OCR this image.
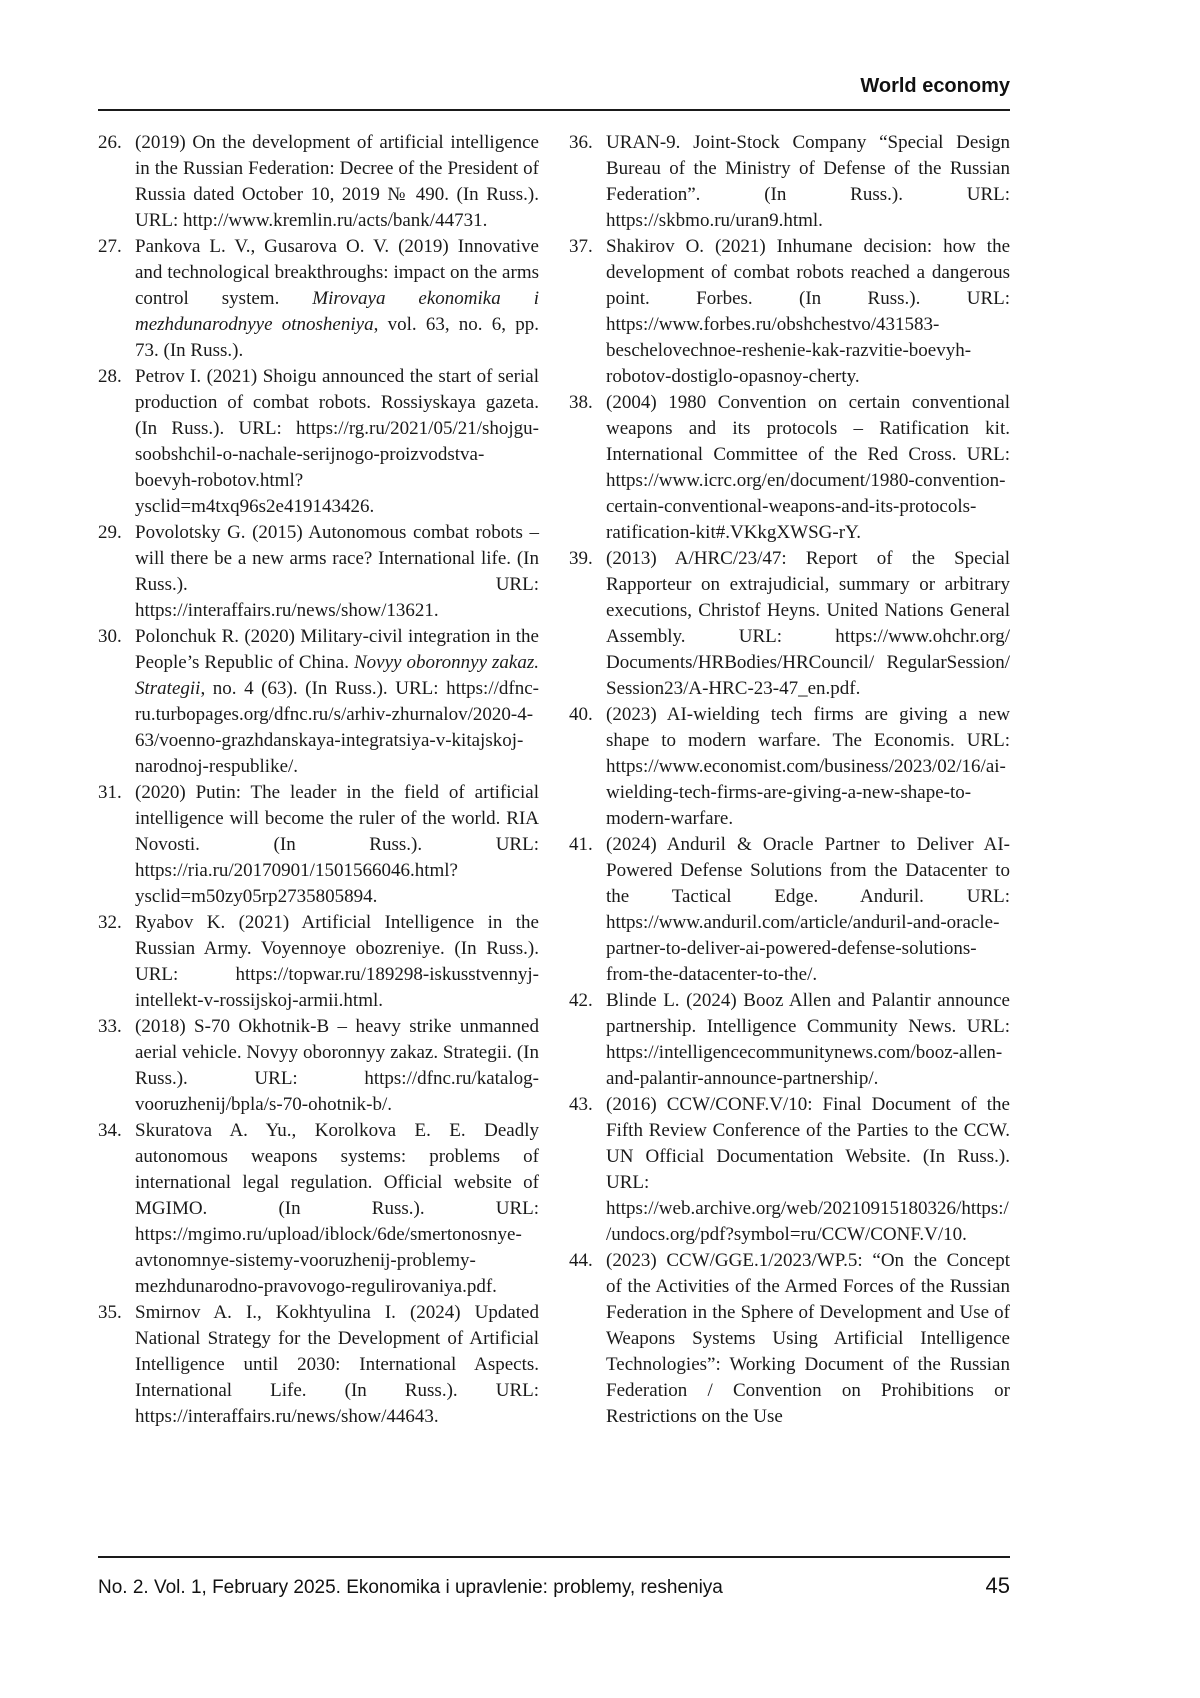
World economy
26. (2019) On the development of artificial intelligence in the Russian Federation: Decree of the President of Russia dated October 10, 2019 № 490. (In Russ.). URL: http://www.kremlin.ru/acts/bank/44731.
27. Pankova L. V., Gusarova O. V. (2019) Innovative and technological breakthroughs: impact on the arms control system. Mirovaya ekonomika i mezhdunarodnyye otnosheniya, vol. 63, no. 6, pp. 73. (In Russ.).
28. Petrov I. (2021) Shoigu announced the start of serial production of combat robots. Rossiyskaya gazeta. (In Russ.). URL: https://rg.ru/2021/05/21/shojgu-soobshchil-o-nachale-serijnogo-proizvodstva-boevyh-robotov.html?ysclid=m4txq96s2e419143426.
29. Povolotsky G. (2015) Autonomous combat robots – will there be a new arms race? International life. (In Russ.). URL: https://interaffairs.ru/news/show/13621.
30. Polonchuk R. (2020) Military-civil integration in the People’s Republic of China. Novyy oboronnyy zakaz. Strategii, no. 4 (63). (In Russ.). URL: https://dfnc-ru.turbopages.org/dfnc.ru/s/arhiv-zhurnalov/2020-4-63/voenno-grazhdanskaya-integratsiya-v-kitajskoj-narodnoj-respublike/.
31. (2020) Putin: The leader in the field of artificial intelligence will become the ruler of the world. RIA Novosti. (In Russ.). URL: https://ria.ru/20170901/1501566046.html?ysclid=m50zy05rp2735805894.
32. Ryabov K. (2021) Artificial Intelligence in the Russian Army. Voyennoye obozreniye. (In Russ.). URL: https://topwar.ru/189298-iskusstvennyj-intellekt-v-rossijskoj-armii.html.
33. (2018) S-70 Okhotnik-B – heavy strike unmanned aerial vehicle. Novyy oboronnyy zakaz. Strategii. (In Russ.). URL: https://dfnc.ru/katalog-vooruzhenij/bpla/s-70-ohotnik-b/.
34. Skuratova A. Yu., Korolkova E. E. Deadly autonomous weapons systems: problems of international legal regulation. Official website of MGIMO. (In Russ.). URL: https://mgimo.ru/upload/iblock/6de/smertonosnye-avtonomnye-sistemy-vooruzhenij-problemy-mezhdunarodno-pravovogo-regulirovaniya.pdf.
35. Smirnov A. I., Kokhtyulina I. (2024) Updated National Strategy for the Development of Artificial Intelligence until 2030: International Aspects. International Life. (In Russ.). URL: https://interaffairs.ru/news/show/44643.
36. URAN-9. Joint-Stock Company “Special Design Bureau of the Ministry of Defense of the Russian Federation”. (In Russ.). URL: https://skbmo.ru/uran9.html.
37. Shakirov O. (2021) Inhumane decision: how the development of combat robots reached a dangerous point. Forbes. (In Russ.). URL: https://www.forbes.ru/obshchestvo/431583-beschelovechnoe-reshenie-kak-razvitie-boevyh-robotov-dostiglo-opasnoy-cherty.
38. (2004) 1980 Convention on certain conventional weapons and its protocols – Ratification kit. International Committee of the Red Cross. URL: https://www.icrc.org/en/document/1980-convention-certain-conventional-weapons-and-its-protocols-ratification-kit#.VKkgXWSG-rY.
39. (2013) A/HRC/23/47: Report of the Special Rapporteur on extrajudicial, summary or arbitrary executions, Christof Heyns. United Nations General Assembly. URL: https://www.ohchr.org/ Documents/HRBodies/HRCouncil/ RegularSession/ Session23/A-HRC-23-47_en.pdf.
40. (2023) AI-wielding tech firms are giving a new shape to modern warfare. The Economis. URL: https://www.economist.com/business/2023/02/16/ai-wielding-tech-firms-are-giving-a-new-shape-to-modern-warfare.
41. (2024) Anduril & Oracle Partner to Deliver AI-Powered Defense Solutions from the Datacenter to the Tactical Edge. Anduril. URL: https://www.anduril.com/article/anduril-and-oracle-partner-to-deliver-ai-powered-defense-solutions-from-the-datacenter-to-the/.
42. Blinde L. (2024) Booz Allen and Palantir announce partnership. Intelligence Community News. URL: https://intelligencecommunitynews.com/booz-allen-and-palantir-announce-partnership/.
43. (2016) CCW/CONF.V/10: Final Document of the Fifth Review Conference of the Parties to the CCW. UN Official Documentation Website. (In Russ.). URL: https://web.archive.org/web/20210915180326/https://undocs.org/pdf?symbol=ru/CCW/CONF.V/10.
44. (2023) CCW/GGE.1/2023/WP.5: “On the Concept of the Activities of the Armed Forces of the Russian Federation in the Sphere of Development and Use of Weapons Systems Using Artificial Intelligence Technologies”: Working Document of the Russian Federation / Convention on Prohibitions or Restrictions on the Use
No. 2. Vol. 1, February 2025. Ekonomika i upravlenie: problemy, resheniya	45
